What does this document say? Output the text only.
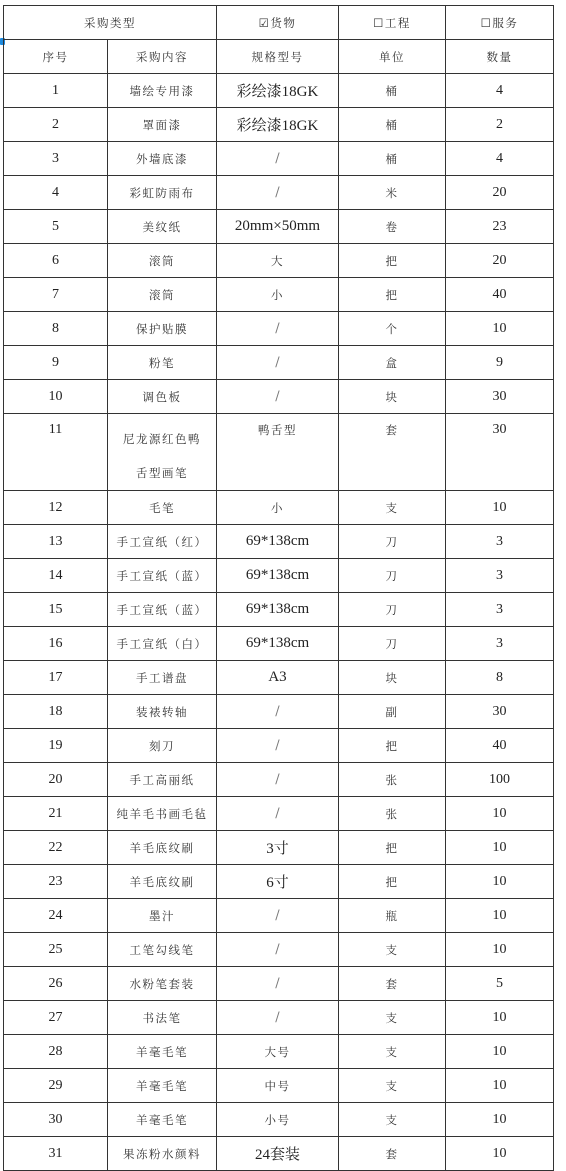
采购类型		☑货物	☐工程	☐服务
序号	采购内容	规格型号	单位	数量
1	墙绘专用漆	彩绘漆18GK	桶	4
2	罩面漆	彩绘漆18GK	桶	2
3	外墙底漆	/	桶	4
4	彩虹防雨布	/	米	20
5	美纹纸	20mm×50mm	卷	23
6	滚筒	大	把	20
7	滚筒	小	把	40
8	保护贴膜	/	个	10
9	粉笔	/	盒	9
10	调色板	/	块	30
11	尼龙源红色鸭舌型画笔	鸭舌型	套	30
12	毛笔	小	支	10
13	手工宣纸（红）	69*138cm	刀	3
14	手工宣纸（蓝）	69*138cm	刀	3
15	手工宣纸（蓝）	69*138cm	刀	3
16	手工宣纸（白）	69*138cm	刀	3
17	手工谱盘	A3	块	8
18	装裱转轴	/	副	30
19	刻刀	/	把	40
20	手工高丽纸	/	张	100
21	纯羊毛书画毛毡	/	张	10
22	羊毛底纹刷	3寸	把	10
23	羊毛底纹刷	6寸	把	10
24	墨汁	/	瓶	10
25	工笔勾线笔	/	支	10
26	水粉笔套装	/	套	5
27	书法笔	/	支	10
28	羊毫毛笔	大号	支	10
29	羊毫毛笔	中号	支	10
30	羊毫毛笔	小号	支	10
31	果冻粉水颜料	24套装	套	10
